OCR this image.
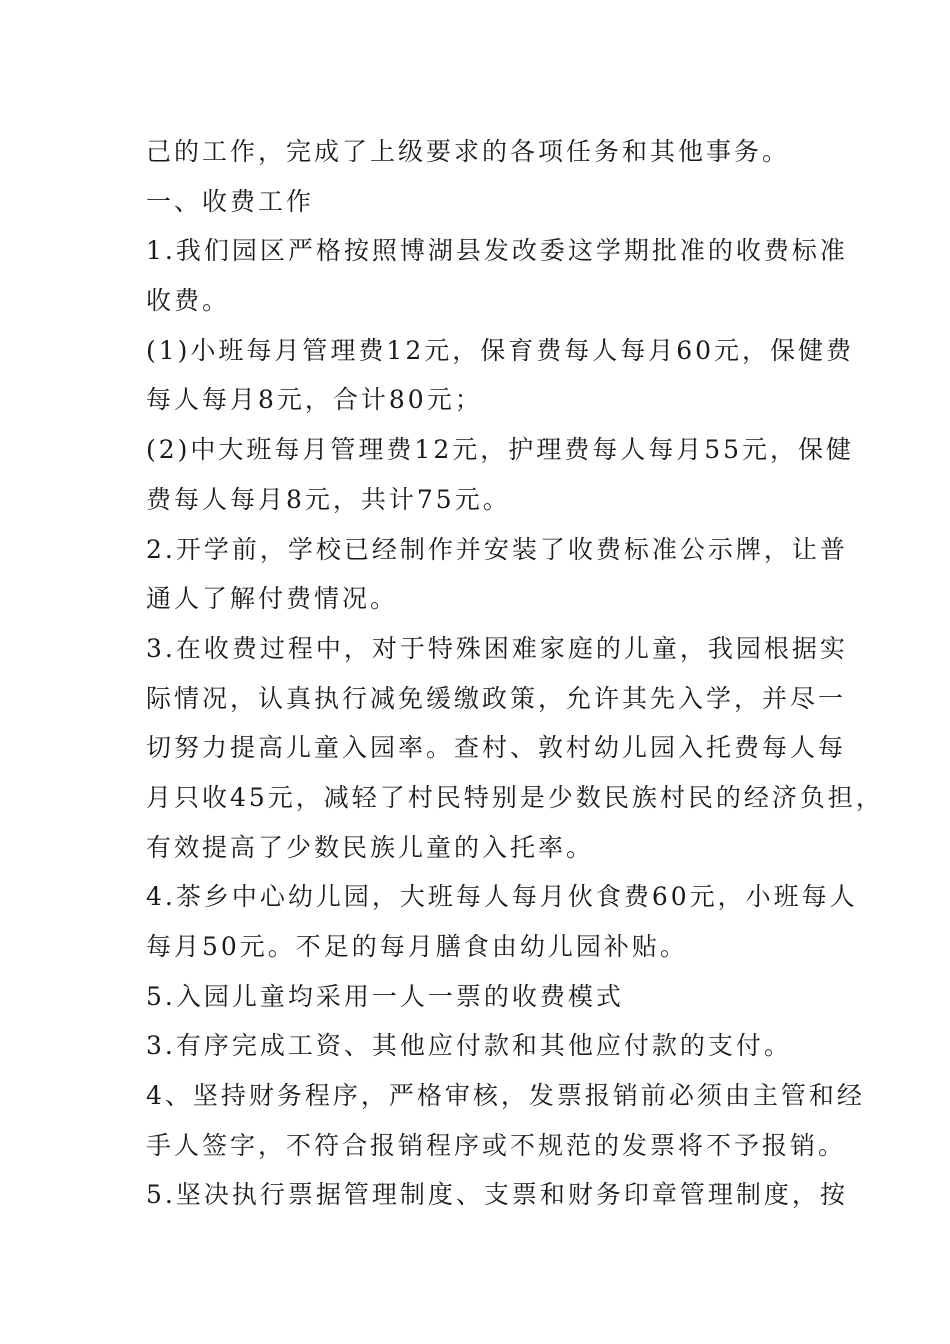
己的工作，完成了上级要求的各项任务和其他事务。
一、收费工作
1.我们园区严格按照博湖县发改委这学期批准的收费标准
收费。
(1)小班每月管理费12元，保育费每人每月60元，保健费
每人每月8元，合计80元；
(2)中大班每月管理费12元，护理费每人每月55元，保健
费每人每月8元，共计75元。
2.开学前，学校已经制作并安装了收费标准公示牌，让普
通人了解付费情况。
3.在收费过程中，对于特殊困难家庭的儿童，我园根据实
际情况，认真执行减免缓缴政策，允许其先入学，并尽一
切努力提高儿童入园率。查村、敦村幼儿园入托费每人每
月只收45元，减轻了村民特别是少数民族村民的经济负担，
有效提高了少数民族儿童的入托率。
4.茶乡中心幼儿园，大班每人每月伙食费60元，小班每人
每月50元。不足的每月膳食由幼儿园补贴。
5.入园儿童均采用一人一票的收费模式
3.有序完成工资、其他应付款和其他应付款的支付。
4、坚持财务程序，严格审核，发票报销前必须由主管和经
手人签字，不符合报销程序或不规范的发票将不予报销。
5.坚决执行票据管理制度、支票和财务印章管理制度，按
